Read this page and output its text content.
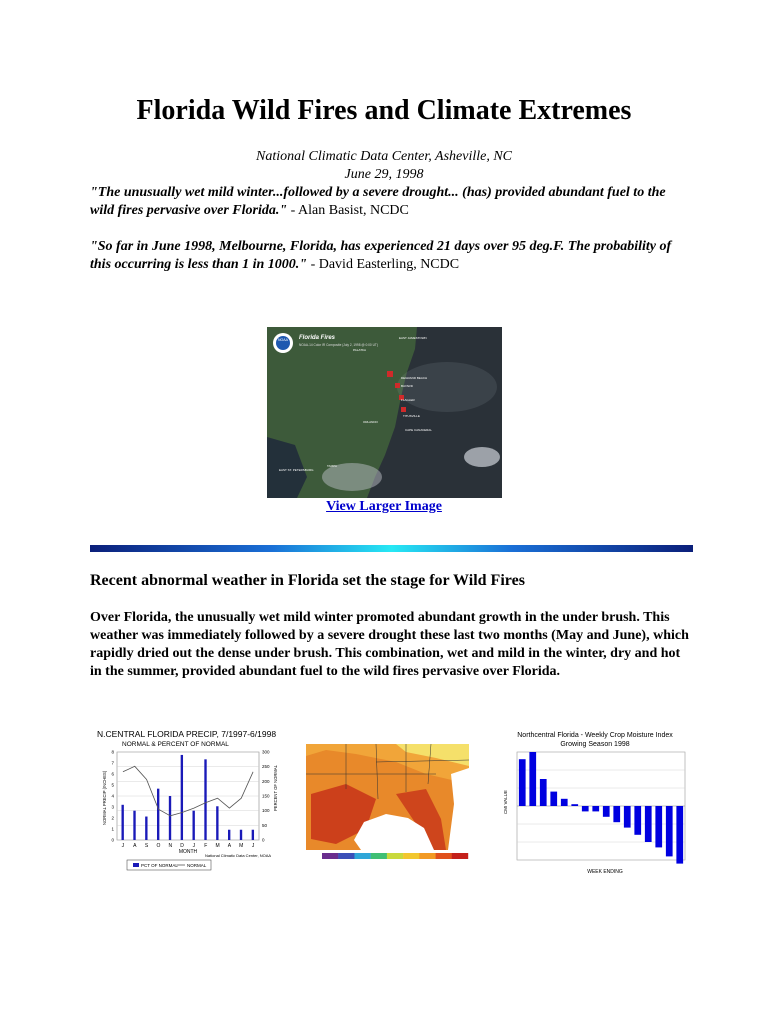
Florida Wild Fires and Climate Extremes
National Climatic Data Center, Asheville, NC
June 29, 1998
"The unusually wet mild winter...followed by a severe drought... (has) provided abundant fuel to the wild fires pervasive over Florida." - Alan Basist, NCDC
"So far in June 1998, Melbourne, Florida, has experienced 21 days over 95 deg.F. The probability of this occurring is less than 1 in 1000." - David Easterling, NCDC
NOAA Florida Fires
NOAA-14 Color IR Composite (July 2, 1998 @ 0:00 UT)
EAST JAMESTOWN
PALATKA
DEGRAND BEACH
BAYARD
FLAGLER
TITUSVILLE
CAPE CANAVERAL
ORLANDO
EAST ST. PETERSBURG
TAMPA
View Larger Image
Recent abnormal weather in Florida set the stage for Wild Fires

Over Florida, the unusually wet mild winter promoted abundant growth in the under brush. This weather was immediately followed by a severe drought these last two months (May and June), which rapidly dried out the dense under brush. This combination, wet and mild in the winter, dry and hot in the summer, provided abundant fuel to the wild fires pervasive over Florida.

N.CENTRAL FLORIDA PRECIP, 7/1997-6/1998
NORMAL & PERCENT OF NORMAL
0
50
100
150
200
250
300
0
1
2
3
4
5
6
7
8
J A S O N D J F M A M J
NORMAL PRECIP (INCHES)	PERCENT OF NORMAL
MONTH
National Climatic Data Center, NOAA
PCT OF NORMAL NORMAL
Northcentral Florida - Weekly Crop Moisture Index
Growing Season 1998
CMI VALUE
WEEK ENDING
